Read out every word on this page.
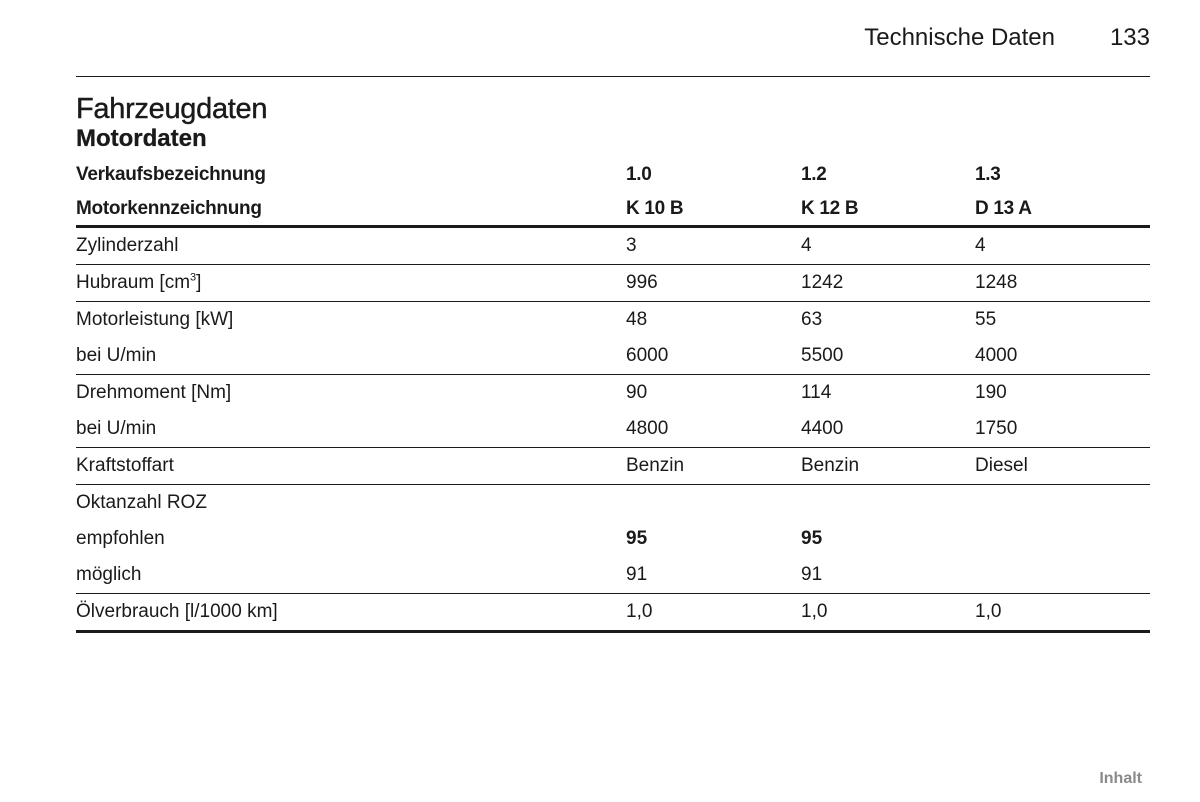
Technische Daten 133
Fahrzeugdaten
Motordaten
Verkaufsbezeichnung	1.0	1.2	1.3
Motorkennzeichnung	K 10 B	K 12 B	D 13 A
Zylinderzahl	3	4	4
Hubraum $[cm^3]$	996	1242	1248
Motorleistung [kW]	48	63	55
bei U/min	6000	5500	4000
Drehmoment [Nm]	90	114	190
bei U/min	4800	4400	1750
Kraftstoffart	Benzin	Benzin	Diesel
Oktanzahl ROZ
empfohlen	95	95
möglich	91	91
Ölverbrauch [l/1000 km]	1,0	1,0	1,0
Inhalt
